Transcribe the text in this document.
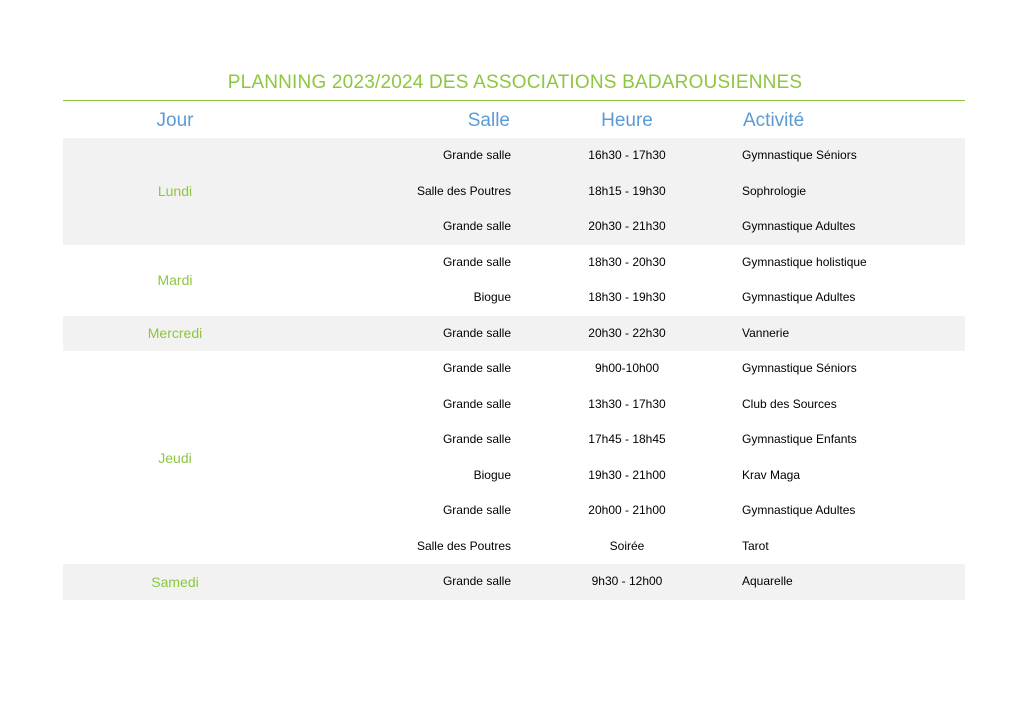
PLANNING 2023/2024 DES ASSOCIATIONS BADAROUSIENNES
Jour	Salle	Heure	Activité
Lundi
Grande salle	16h30 - 17h30	Gymnastique Séniors
Salle des Poutres	18h15 - 19h30	Sophrologie
Grande salle	20h30 - 21h30	Gymnastique Adultes
Mardi
Grande salle	18h30 - 20h30	Gymnastique holistique
Biogue	18h30 - 19h30	Gymnastique Adultes
Mercredi	Grande salle	20h30 - 22h30	Vannerie
Jeudi
Grande salle	9h00-10h00	Gymnastique Séniors
Grande salle	13h30 - 17h30	Club des Sources
Grande salle	17h45 - 18h45	Gymnastique Enfants
Biogue	19h30 - 21h00	Krav Maga
Grande salle	20h00 - 21h00	Gymnastique Adultes
Salle des Poutres	Soirée	Tarot
Samedi	Grande salle	9h30 - 12h00	Aquarelle
